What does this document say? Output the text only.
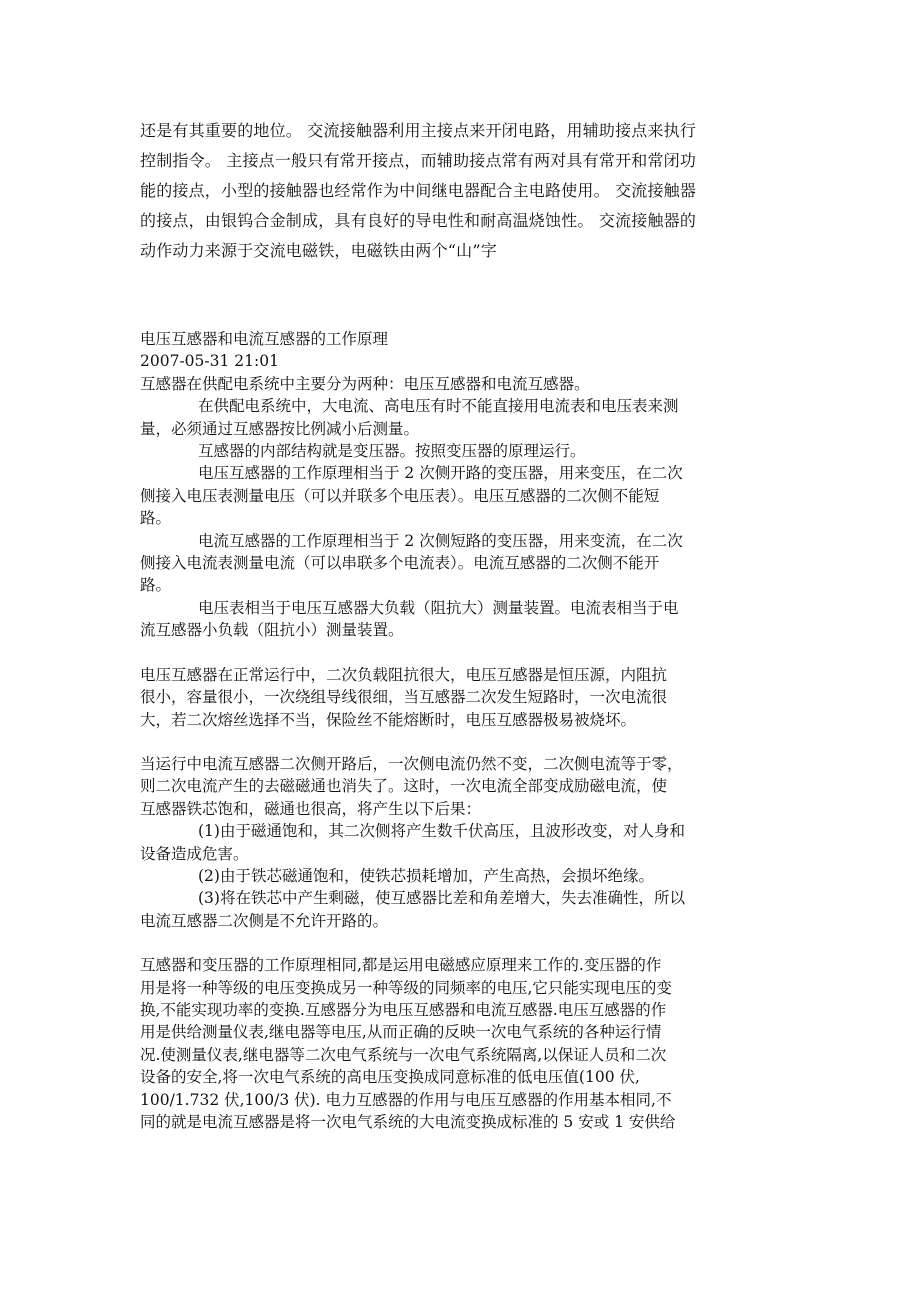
还是有其重要的地位。 交流接触器利用主接点来开闭电路，用辅助接点来执行
控制指令。 主接点一般只有常开接点，而辅助接点常有两对具有常开和常闭功
能的接点，小型的接触器也经常作为中间继电器配合主电路使用。 交流接触器
的接点，由银钨合金制成，具有良好的导电性和耐高温烧蚀性。 交流接触器的
动作动力来源于交流电磁铁，电磁铁由两个“山”字
电压互感器和电流互感器的工作原理
2007-05-31 21:01
互感器在供配电系统中主要分为两种：电压互感器和电流互感器。
在供配电系统中，大电流、高电压有时不能直接用电流表和电压表来测
量，必须通过互感器按比例减小后测量。
互感器的内部结构就是变压器。按照变压器的原理运行。
电压互感器的工作原理相当于 2 次侧开路的变压器，用来变压，在二次
侧接入电压表测量电压（可以并联多个电压表）。电压互感器的二次侧不能短
路。
电流互感器的工作原理相当于 2 次侧短路的变压器，用来变流，在二次
侧接入电流表测量电流（可以串联多个电流表）。电流互感器的二次侧不能开
路。
电压表相当于电压互感器大负载（阻抗大）测量装置。电流表相当于电
流互感器小负载（阻抗小）测量装置。
电压互感器在正常运行中，二次负载阻抗很大，电压互感器是恒压源，内阻抗
很小，容量很小，一次绕组导线很细，当互感器二次发生短路时，一次电流很
大，若二次熔丝选择不当，保险丝不能熔断时，电压互感器极易被烧坏。
当运行中电流互感器二次侧开路后，一次侧电流仍然不变，二次侧电流等于零，
则二次电流产生的去磁磁通也消失了。这时，一次电流全部变成励磁电流，使
互感器铁芯饱和，磁通也很高，将产生以下后果：
(1)由于磁通饱和，其二次侧将产生数千伏高压，且波形改变，对人身和
设备造成危害。
(2)由于铁芯磁通饱和，使铁芯损耗增加，产生高热，会损坏绝缘。
(3)将在铁芯中产生剩磁，使互感器比差和角差增大，失去准确性，所以
电流互感器二次侧是不允许开路的。
互感器和变压器的工作原理相同,都是运用电磁感应原理来工作的.变压器的作
用是将一种等级的电压变换成另一种等级的同频率的电压,它只能实现电压的变
换,不能实现功率的变换.互感器分为电压互感器和电流互感器.电压互感器的作
用是供给测量仪表,继电器等电压,从而正确的反映一次电气系统的各种运行情
况.使测量仪表,继电器等二次电气系统与一次电气系统隔离,以保证人员和二次
设备的安全,将一次电气系统的高电压变换成同意标准的低电压值(100 伏,
100/1.732 伏,100/3 伏). 电力互感器的作用与电压互感器的作用基本相同,不
同的就是电流互感器是将一次电气系统的大电流变换成标准的 5 安或 1 安供给
